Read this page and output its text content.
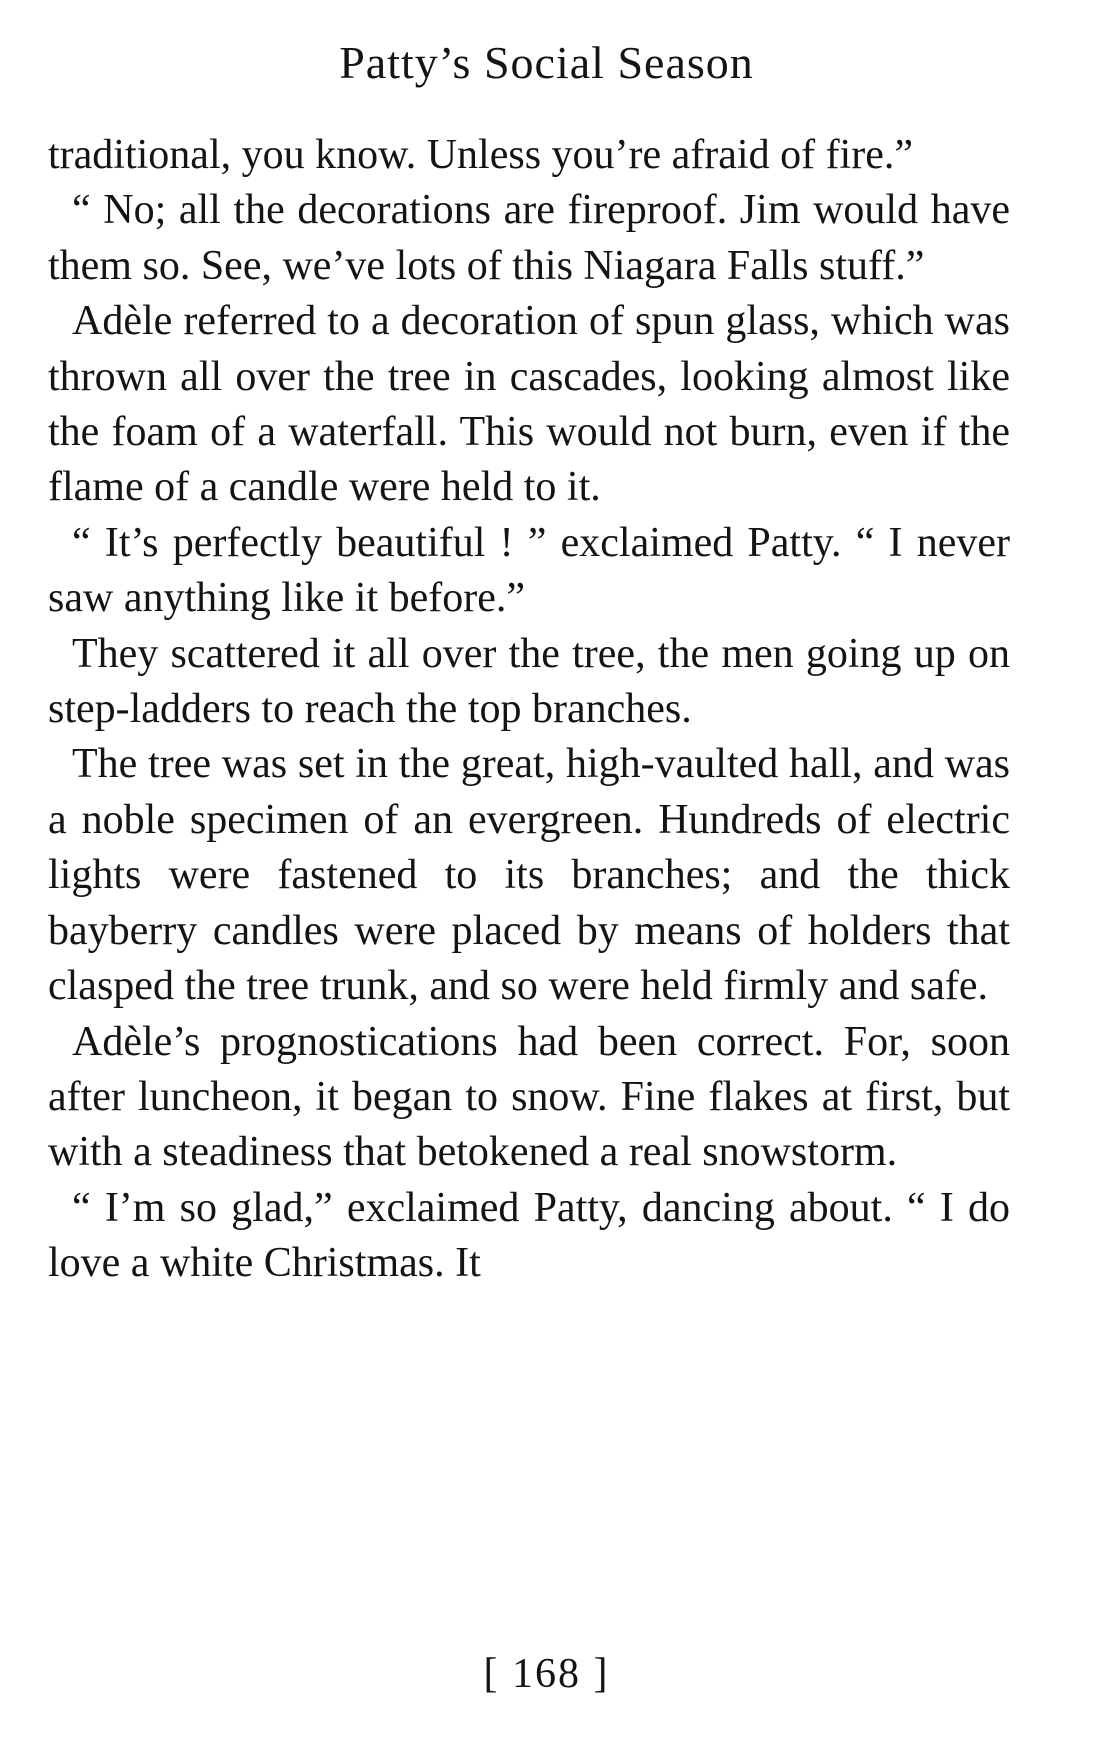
Patty’s Social Season

traditional, you know. Unless you’re afraid of fire.”

“ No; all the decorations are fireproof. Jim would have them so. See, we’ve lots of this Niagara Falls stuff.”

Adèle referred to a decoration of spun glass, which was thrown all over the tree in cascades, looking almost like the foam of a waterfall. This would not burn, even if the flame of a candle were held to it.

“ It’s perfectly beautiful ! ” exclaimed Patty. “ I never saw anything like it before.”

They scattered it all over the tree, the men going up on step-ladders to reach the top branches.

The tree was set in the great, high-vaulted hall, and was a noble specimen of an evergreen. Hundreds of electric lights were fastened to its branches; and the thick bayberry candles were placed by means of holders that clasped the tree trunk, and so were held firmly and safe.

Adèle’s prognostications had been correct. For, soon after luncheon, it began to snow. Fine flakes at first, but with a steadiness that betokened a real snowstorm.

“ I’m so glad,” exclaimed Patty, dancing about. “ I do love a white Christmas. It

[ 168 ]
